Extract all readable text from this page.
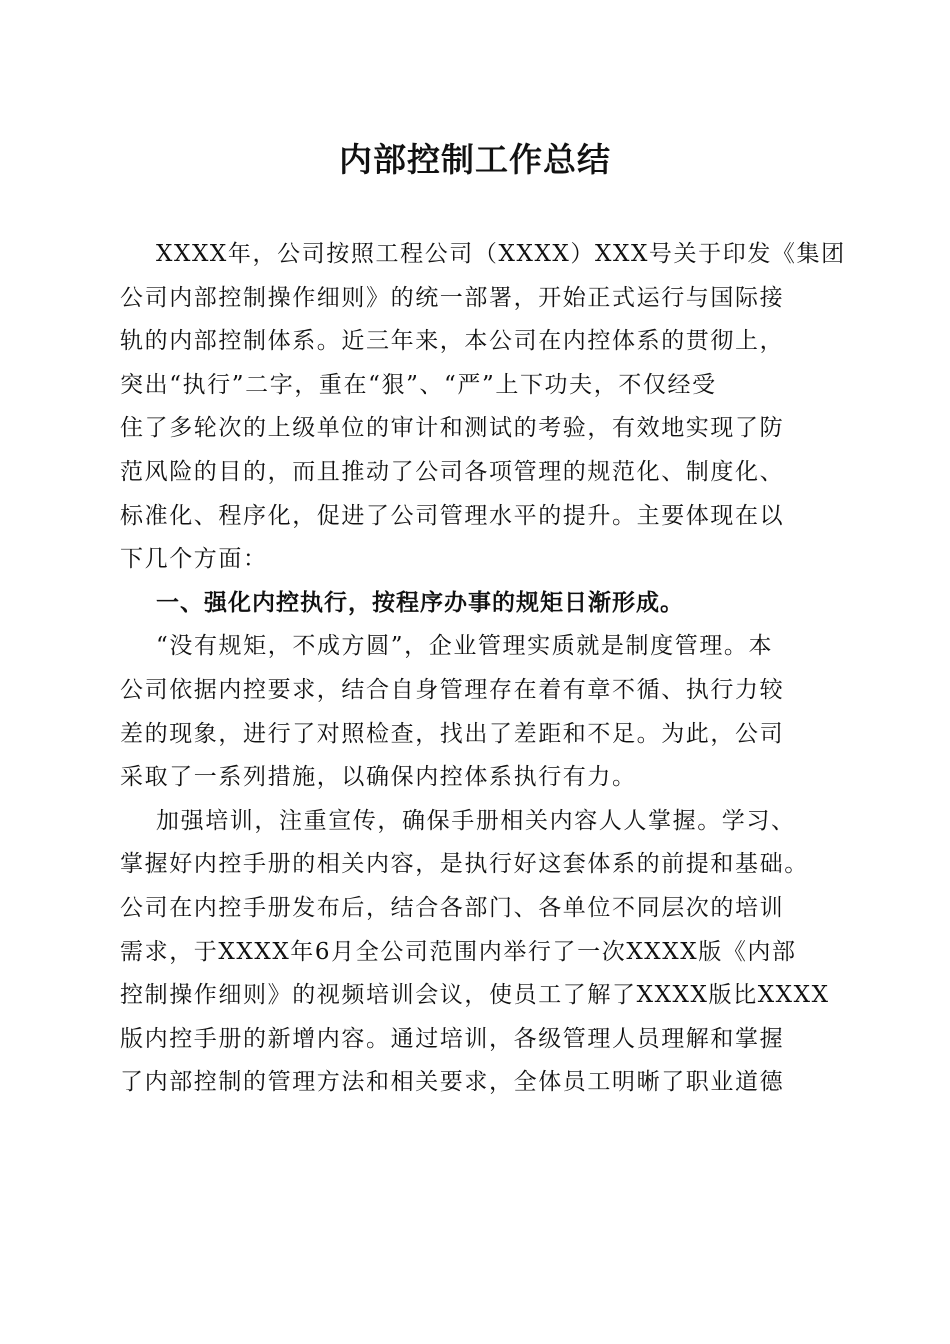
内部控制工作总结
XXXX年，公司按照工程公司（XXXX）XXX号关于印发《集团
公司内部控制操作细则》的统一部署，开始正式运行与国际接
轨的内部控制体系。近三年来，本公司在内控体系的贯彻上，
突出“执行”二字，重在“狠”、“严”上下功夫，不仅经受
住了多轮次的上级单位的审计和测试的考验，有效地实现了防
范风险的目的，而且推动了公司各项管理的规范化、制度化、
标准化、程序化，促进了公司管理水平的提升。主要体现在以
下几个方面：
一、强化内控执行，按程序办事的规矩日渐形成。
“没有规矩，不成方圆”，企业管理实质就是制度管理。本
公司依据内控要求，结合自身管理存在着有章不循、执行力较
差的现象，进行了对照检查，找出了差距和不足。为此，公司
采取了一系列措施，以确保内控体系执行有力。
加强培训，注重宣传，确保手册相关内容人人掌握。学习、
掌握好内控手册的相关内容，是执行好这套体系的前提和基础。
公司在内控手册发布后，结合各部门、各单位不同层次的培训
需求，于XXXX年6月全公司范围内举行了一次XXXX版《内部
控制操作细则》的视频培训会议，使员工了解了XXXX版比XXXX
版内控手册的新增内容。通过培训，各级管理人员理解和掌握
了内部控制的管理方法和相关要求，全体员工明晰了职业道德
